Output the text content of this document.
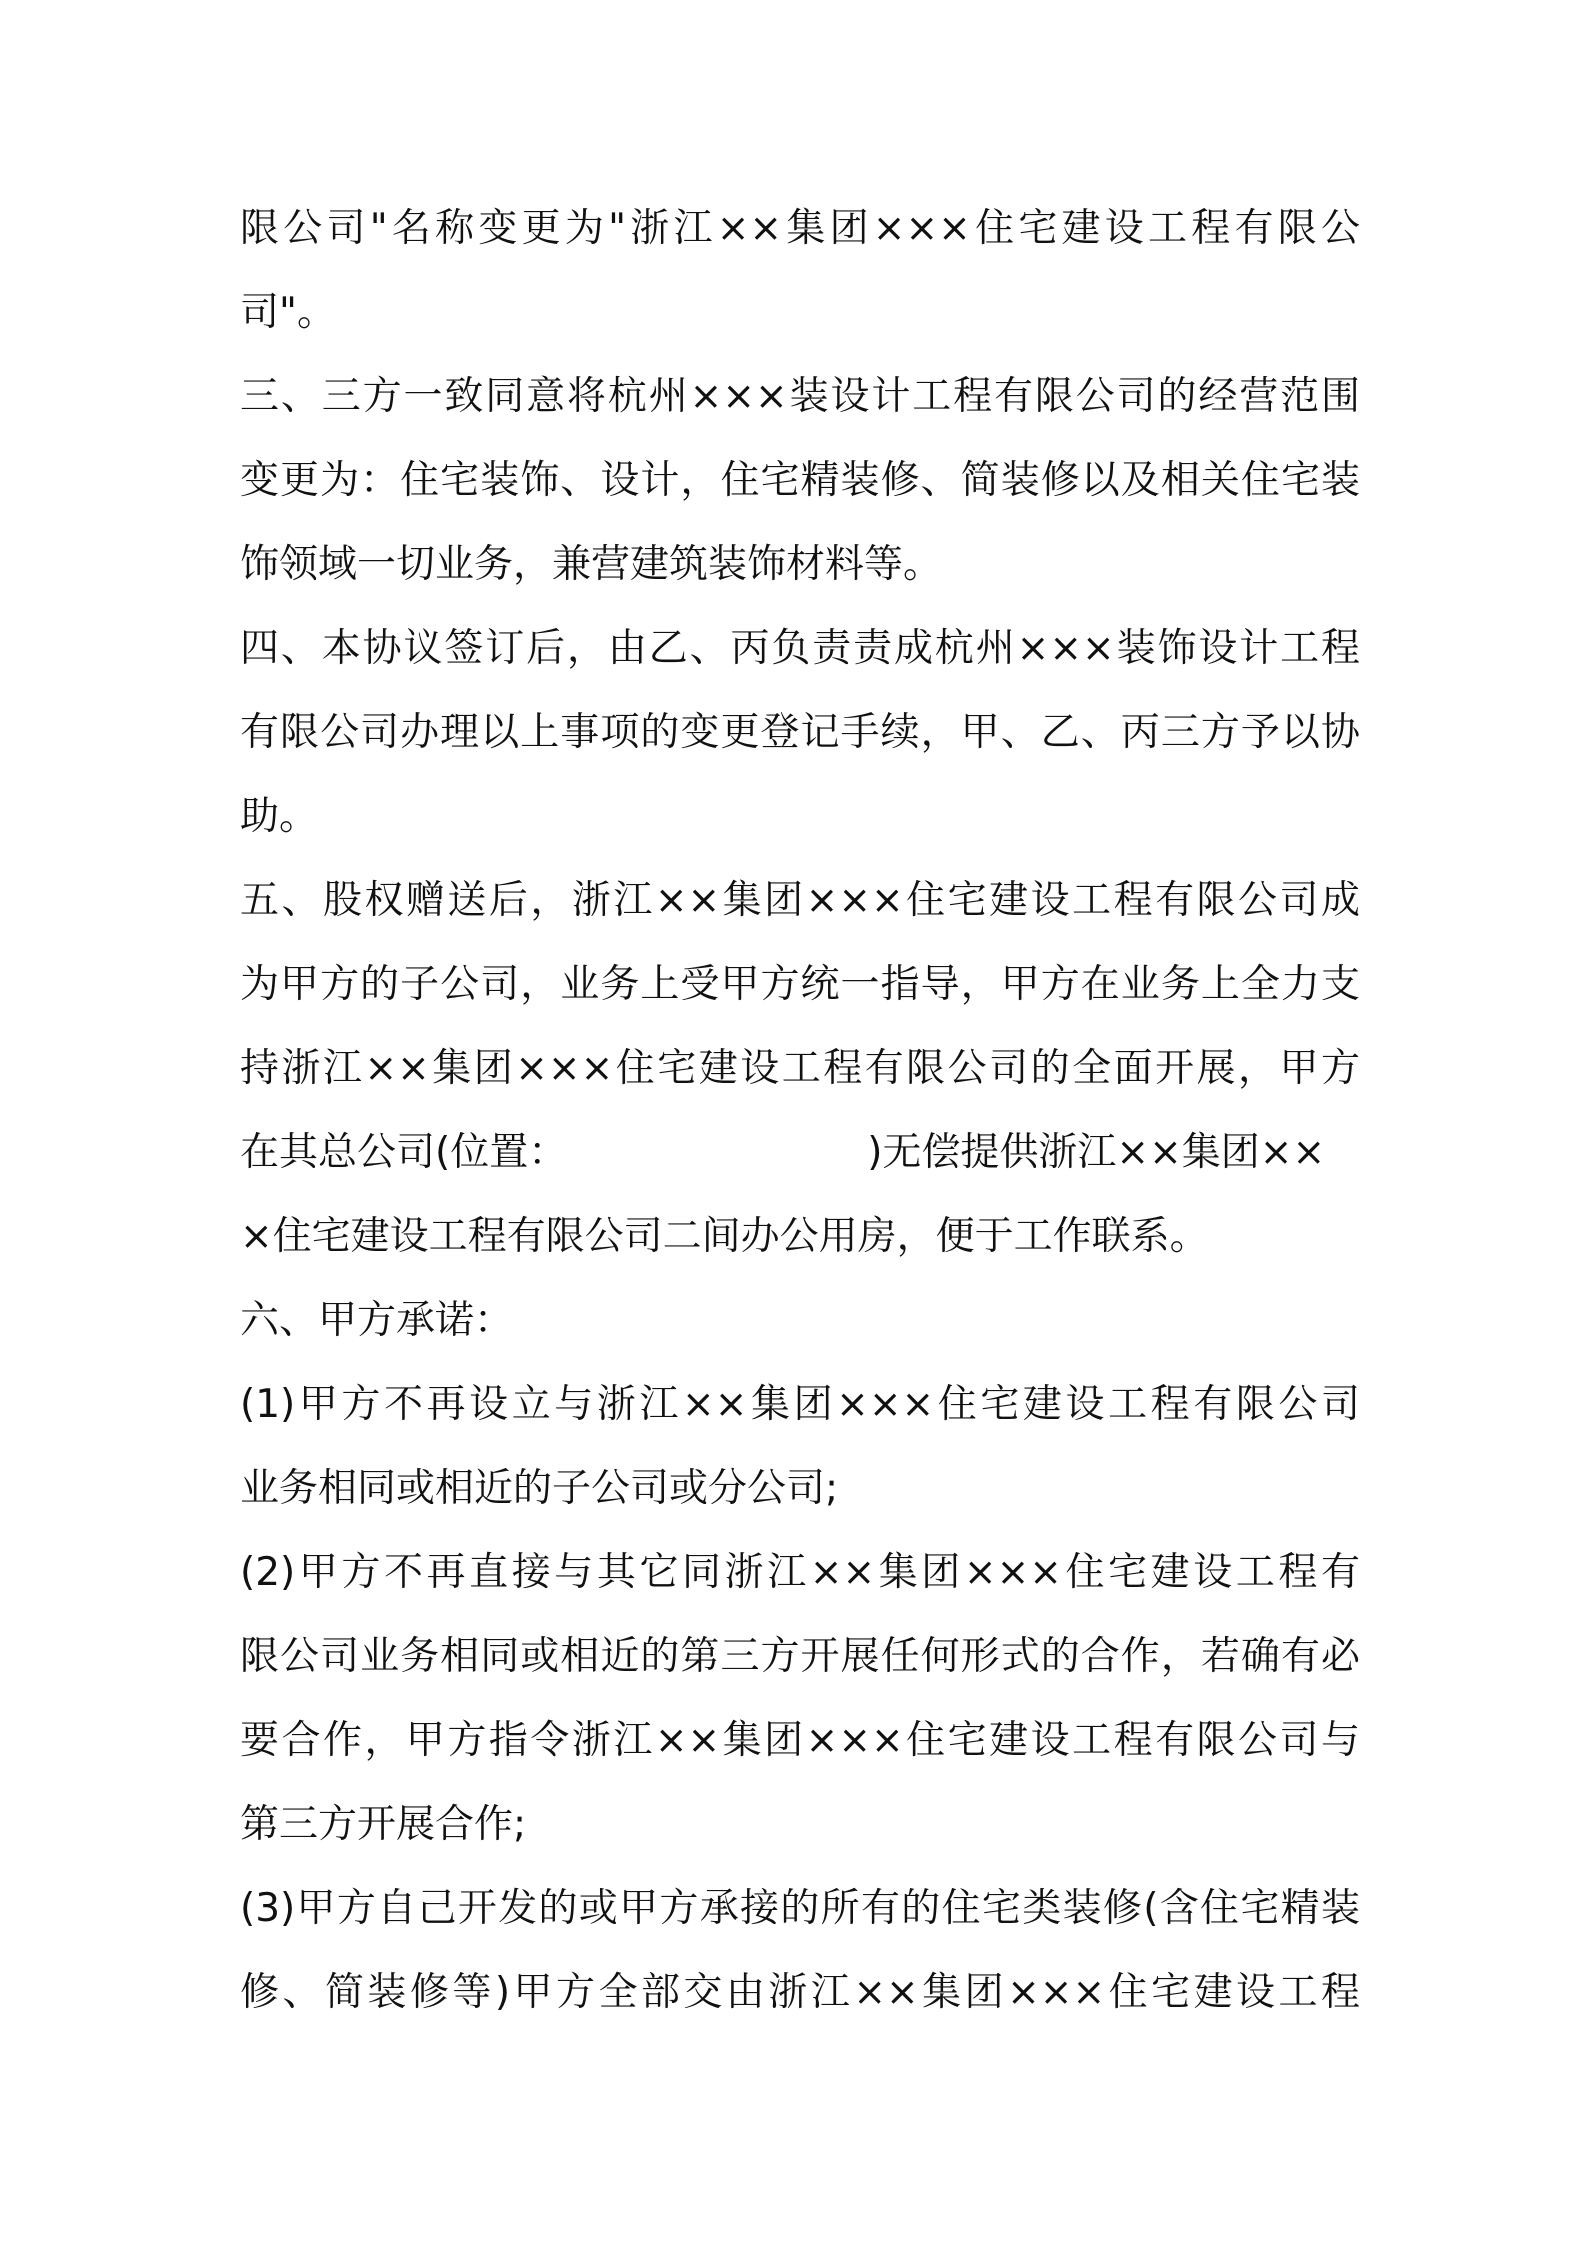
限公司"名称变更为"浙江××集团×××住宅建设工程有限公
司"。
三、三方一致同意将杭州×××装设计工程有限公司的经营范围
变更为：住宅装饰、设计，住宅精装修、简装修以及相关住宅装
饰领域一切业务，兼营建筑装饰材料等。
四、本协议签订后，由乙、丙负责责成杭州×××装饰设计工程
有限公司办理以上事项的变更登记手续，甲、乙、丙三方予以协
助。
五、股权赠送后，浙江××集团×××住宅建设工程有限公司成
为甲方的子公司，业务上受甲方统一指导，甲方在业务上全力支
持浙江××集团×××住宅建设工程有限公司的全面开展，甲方
在其总公司(位置：	)无偿提供浙江××集团××
×住宅建设工程有限公司二间办公用房，便于工作联系。
六、甲方承诺：
(1)甲方不再设立与浙江××集团×××住宅建设工程有限公司
业务相同或相近的子公司或分公司;
(2)甲方不再直接与其它同浙江××集团×××住宅建设工程有
限公司业务相同或相近的第三方开展任何形式的合作，若确有必
要合作，甲方指令浙江××集团×××住宅建设工程有限公司与
第三方开展合作;
(3)甲方自己开发的或甲方承接的所有的住宅类装修(含住宅精装
修、简装修等)甲方全部交由浙江××集团×××住宅建设工程
